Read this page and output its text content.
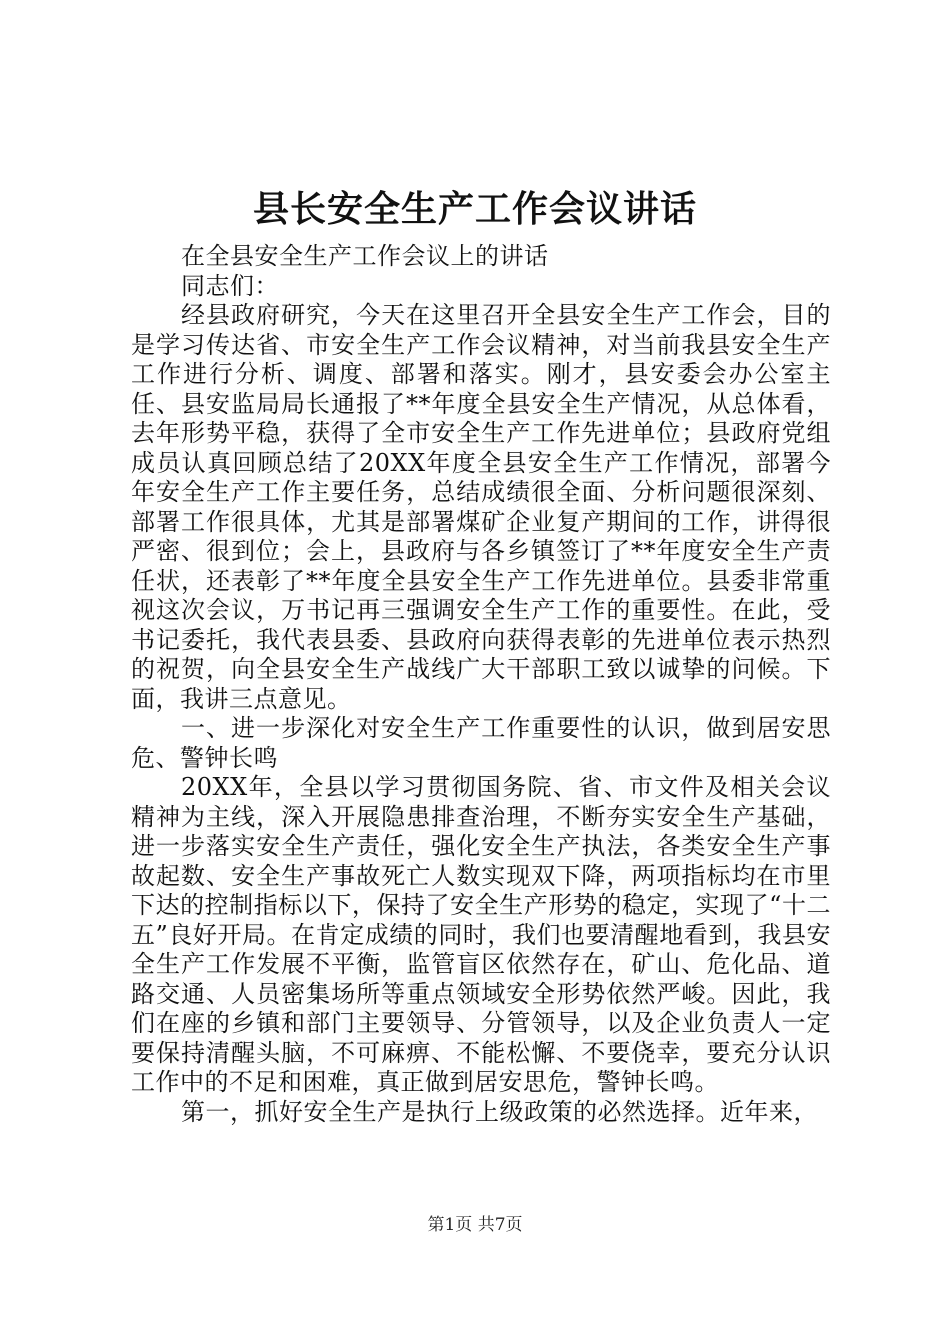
县长安全生产工作会议讲话

在全县安全生产工作会议上的讲话

同志们：

经县政府研究，今天在这里召开全县安全生产工作会，目的是学习传达省、市安全生产工作会议精神，对当前我县安全生产工作进行分析、调度、部署和落实。刚才，县安委会办公室主任、县安监局局长通报了**年度全县安全生产情况，从总体看，去年形势平稳，获得了全市安全生产工作先进单位；县政府党组成员认真回顾总结了20XX年度全县安全生产工作情况，部署今年安全生产工作主要任务，总结成绩很全面、分析问题很深刻、部署工作很具体，尤其是部署煤矿企业复产期间的工作，讲得很严密、很到位；会上，县政府与各乡镇签订了**年度安全生产责任状，还表彰了**年度全县安全生产工作先进单位。县委非常重视这次会议，万书记再三强调安全生产工作的重要性。在此，受书记委托，我代表县委、县政府向获得表彰的先进单位表示热烈的祝贺，向全县安全生产战线广大干部职工致以诚挚的问候。下面，我讲三点意见。

一、进一步深化对安全生产工作重要性的认识，做到居安思危、警钟长鸣

20XX年，全县以学习贯彻国务院、省、市文件及相关会议精神为主线，深入开展隐患排查治理，不断夯实安全生产基础，进一步落实安全生产责任，强化安全生产执法，各类安全生产事故起数、安全生产事故死亡人数实现双下降，两项指标均在市里下达的控制指标以下，保持了安全生产形势的稳定，实现了“十二五”良好开局。在肯定成绩的同时，我们也要清醒地看到，我县安全生产工作发展不平衡，监管盲区依然存在，矿山、危化品、道路交通、人员密集场所等重点领域安全形势依然严峻。因此，我们在座的乡镇和部门主要领导、分管领导，以及企业负责人一定要保持清醒头脑，不可麻痹、不能松懈、不要侥幸，要充分认识工作中的不足和困难，真正做到居安思危，警钟长鸣。

第一，抓好安全生产是执行上级政策的必然选择。近年来，

第1页 共7页
